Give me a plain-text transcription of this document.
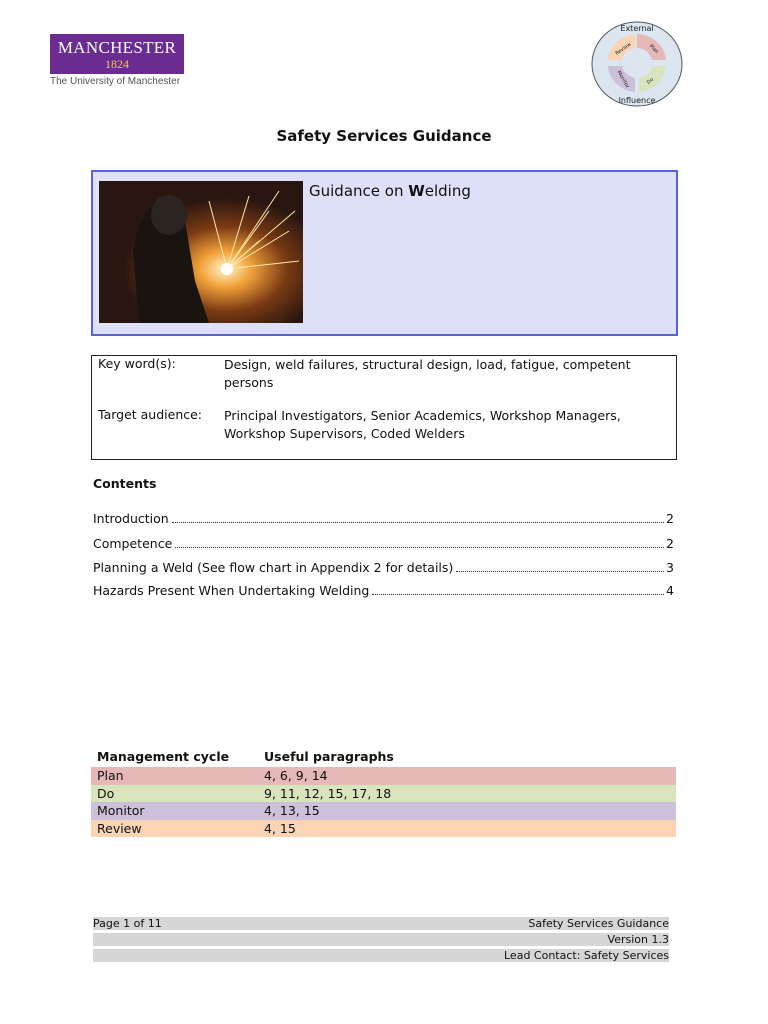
MANCHESTER
1824
The University of Manchester
External
Influence
Review	Plan
Do
Monitor
Safety Services Guidance
Guidance on Welding
Key word(s):	Design, weld failures, structural design, load, fatigue, competent persons
Target audience: Principal Investigators, Senior Academics, Workshop Managers, Workshop Supervisors, Coded Welders
Contents
Introduction	2
Competence	2
Planning a Weld (See flow chart in Appendix 2 for details)	3
Hazards Present When Undertaking Welding	4
Management cycle	Useful paragraphs
Plan	4, 6, 9, 14
Do	9, 11, 12, 15, 17, 18
Monitor	4, 13, 15
Review	4, 15
Page 1 of 11	Safety Services Guidance
Version 1.3
Lead Contact: Safety Services
